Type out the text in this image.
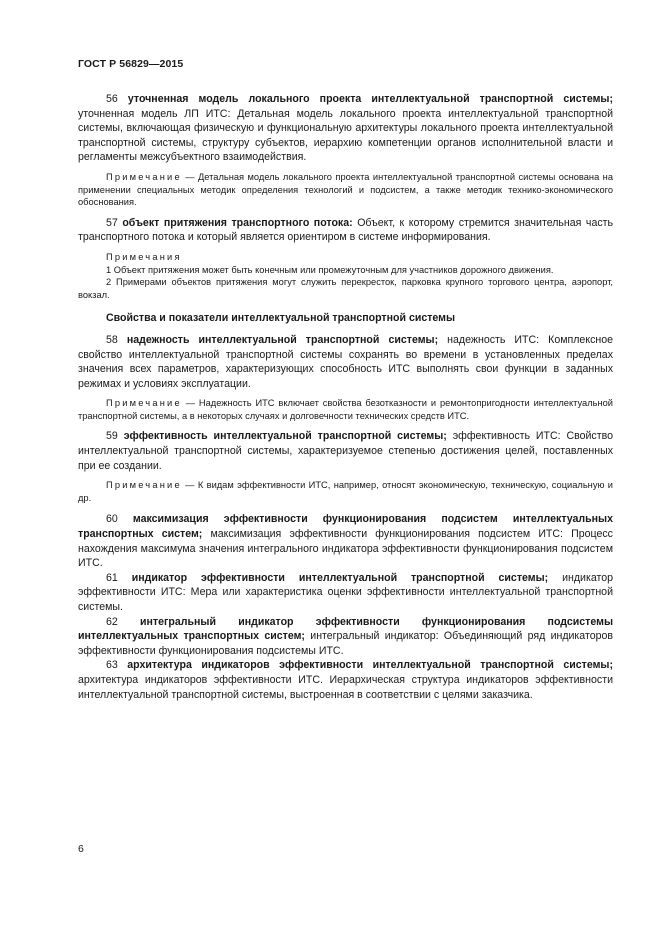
ГОСТ Р 56829—2015

56 уточненная модель локального проекта интеллектуальной транспортной системы; уточненная модель ЛП ИТС: Детальная модель локального проекта интеллектуальной транспортной системы, включающая физическую и функциональную архитектуры локального проекта интеллектуальной транспортной системы, структуру субъектов, иерархию компетенции органов исполнительной власти и регламенты межсубъектного взаимодействия.

Примечание — Детальная модель локального проекта интеллектуальной транспортной системы основана на применении специальных методик определения технологий и подсистем, а также методик технико-экономического обоснования.

57 объект притяжения транспортного потока: Объект, к которому стремится значительная часть транспортного потока и который является ориентиром в системе информирования.

Примечания

1 Объект притяжения может быть конечным или промежуточным для участников дорожного движения.

2 Примерами объектов притяжения могут служить перекресток, парковка крупного торгового центра, аэропорт, вокзал.

Свойства и показатели интеллектуальной транспортной системы

58 надежность интеллектуальной транспортной системы; надежность ИТС: Комплексное свойство интеллектуальной транспортной системы сохранять во времени в установленных пределах значения всех параметров, характеризующих способность ИТС выполнять свои функции в заданных режимах и условиях эксплуатации.

Примечание — Надежность ИТС включает свойства безотказности и ремонтопригодности интеллектуальной транспортной системы, а в некоторых случаях и долговечности технических средств ИТС.

59 эффективность интеллектуальной транспортной системы; эффективность ИТС: Свойство интеллектуальной транспортной системы, характеризуемое степенью достижения целей, поставленных при ее создании.

Примечание — К видам эффективности ИТС, например, относят экономическую, техническую, социальную и др.

60 максимизация эффективности функционирования подсистем интеллектуальных транспортных систем; максимизация эффективности функционирования подсистем ИТС: Процесс нахождения максимума значения интегрального индикатора эффективности функционирования подсистем ИТС.

61 индикатор эффективности интеллектуальной транспортной системы; индикатор эффективности ИТС: Мера или характеристика оценки эффективности интеллектуальной транспортной системы.

62 интегральный индикатор эффективности функционирования подсистемы интеллектуальных транспортных систем; интегральный индикатор: Объединяющий ряд индикаторов эффективности функционирования подсистемы ИТС.

63 архитектура индикаторов эффективности интеллектуальной транспортной системы; архитектура индикаторов эффективности ИТС. Иерархическая структура индикаторов эффективности интеллектуальной транспортной системы, выстроенная в соответствии с целями заказчика.

6
